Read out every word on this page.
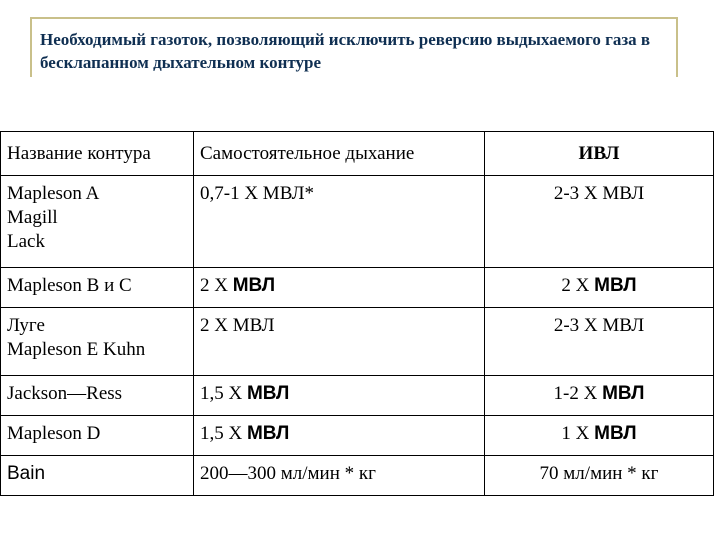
Необходимый газоток, позволяющий исключить реверсию выдыхаемого газа в бесклапанном дыхательном контуре
Название контура	Самостоятельное дыхание	ИВЛ

Mapleson A
Magill
Lack	0,7-1 X МВЛ*	2-3 X МВЛ

Mapleson B и C	2 X МВЛ	2 X МВЛ

Луге
Mapleson E Kuhn	2 X МВЛ	2-3 X МВЛ

Jackson—Ress	1,5 X МВЛ	1-2 X МВЛ

Mapleson D	1,5 X МВЛ	1 X МВЛ

Bain	200—300 мл/мин * кг	70 мл/мин * кг
